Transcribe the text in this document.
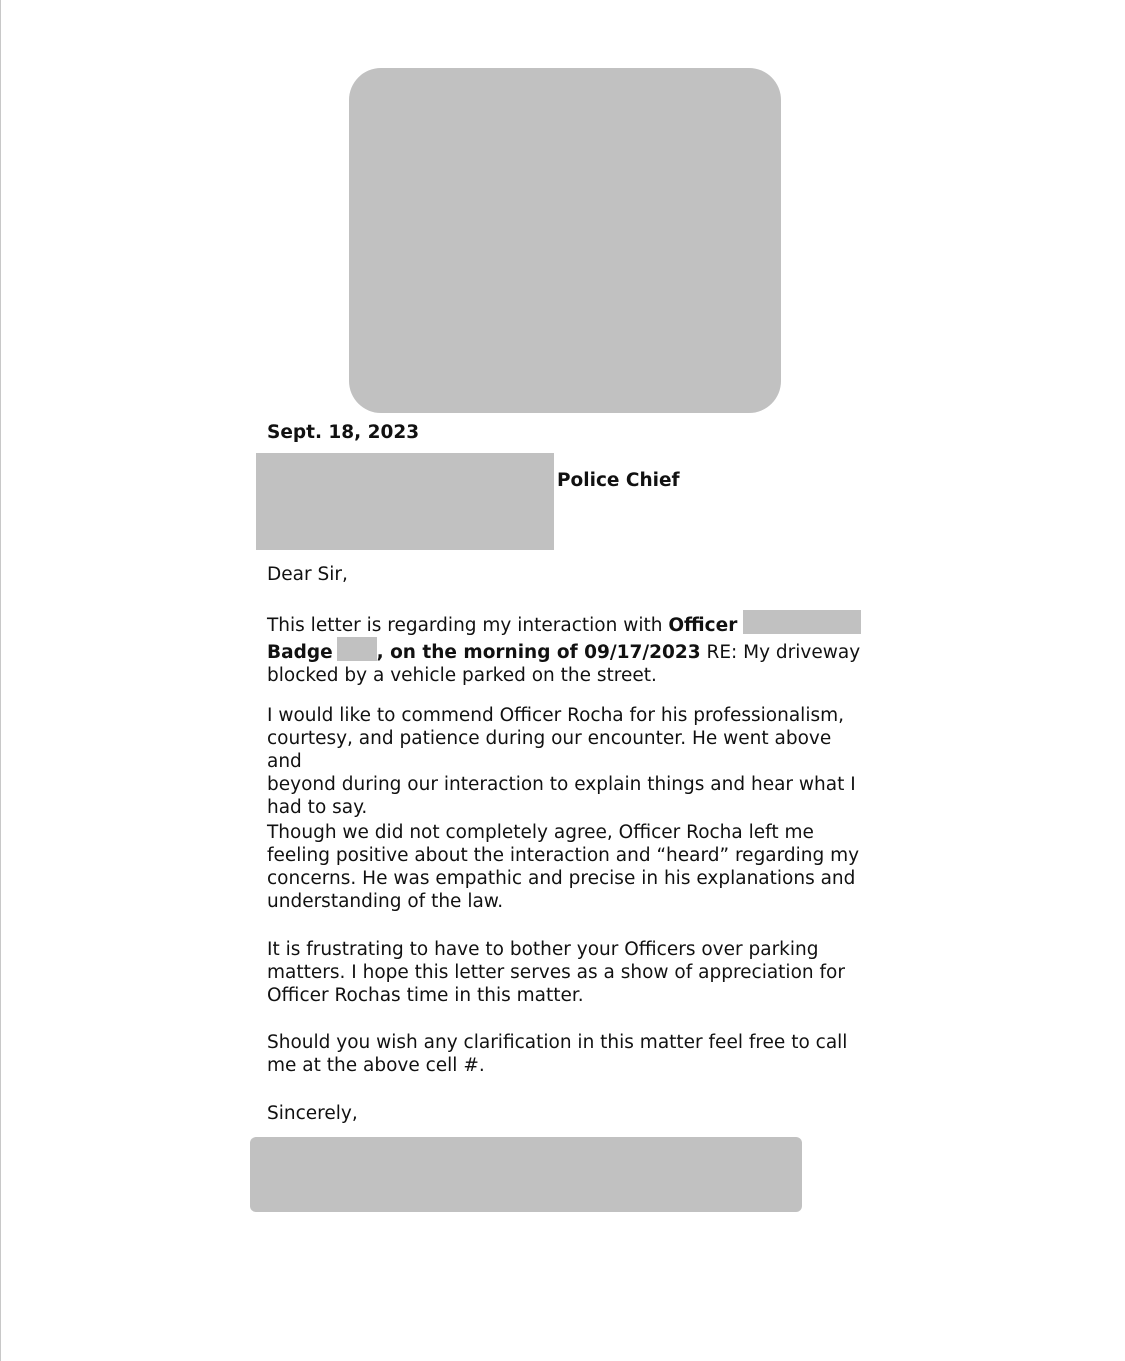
Sept. 18, 2023
Police Chief
Dear Sir,

This letter is regarding my interaction with Officer

Badge , on the morning of 09/17/2023 RE: My driveway

blocked by a vehicle parked on the street.

I would like to commend Officer Rocha for his professionalism,

courtesy, and patience during our encounter. He went above and

beyond during our interaction to explain things and hear what I

had to say.

Though we did not completely agree, Officer Rocha left me

feeling positive about the interaction and “heard” regarding my

concerns. He was empathic and precise in his explanations and

understanding of the law.

It is frustrating to have to bother your Officers over parking

matters. I hope this letter serves as a show of appreciation for

Officer Rochas time in this matter.

Should you wish any clarification in this matter feel free to call

me at the above cell #.

Sincerely,
